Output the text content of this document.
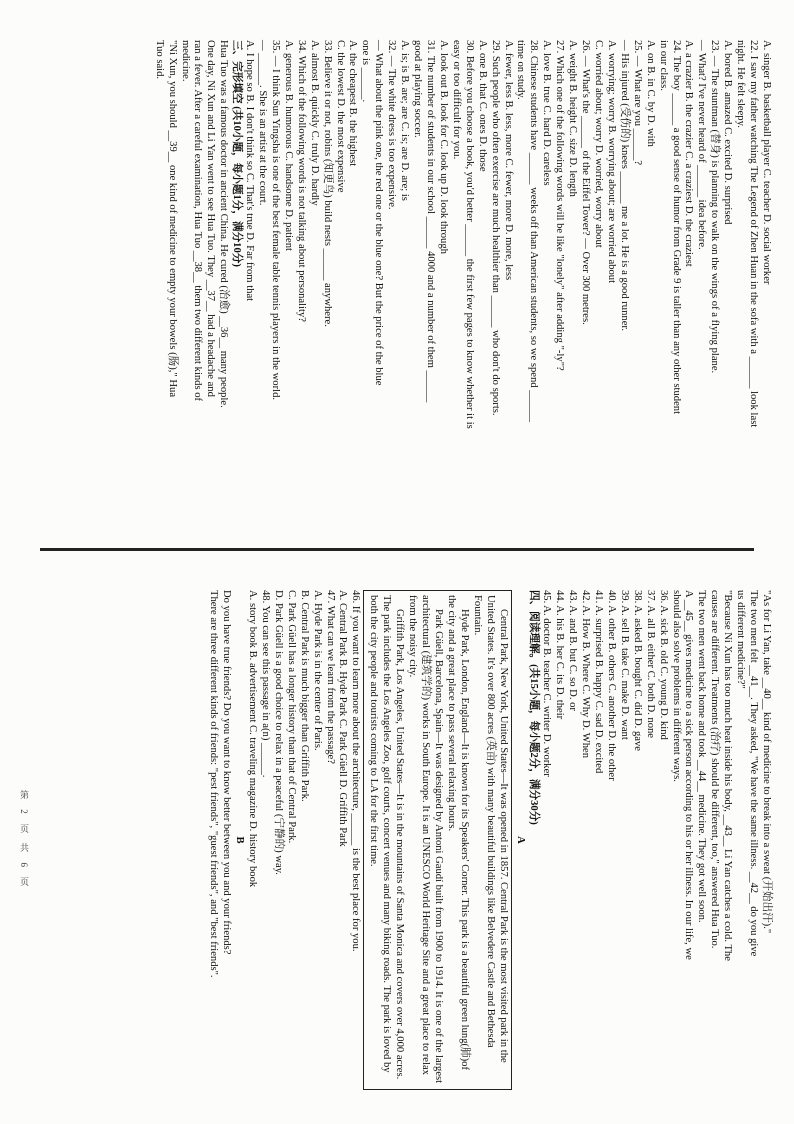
A. singer B. basketball player C. teacher D. social worker

22. I saw my father watching The Legend of Zhen Huan in the sofa with a ______ look last

night. He felt sleepy.

A. bored B. amazed C. excited D. surprised

23. — The stuntman (替身) is planning to walk on the wings of a flying plane.

— What? I've never heard of ______ idea before.

A. a crazier B. the crazier C. a craziest D. the craziest

24. The boy ______ a good sense of humor from Grade 9 is taller than any other student

in our class.

A. on B. in C. by D. with

25. — What are you ______?

— His injured (受伤的) knees ______ me a lot. He is a good runner.

A. worrying; worry B. worrying about; are worried about

C. worried about; worry D. worried, worry about

26. — What's the ______ of the Eiffel Tower? — Over 300 metres.

A. weight B. height C. size D. length

27. Which one of the following words will be like "lonely" after adding "-ly"?

A. love B. true C. hard D. careless

28. Chinese students have ______ weeks off than American students, so we spend ______

time on study.

A. fewer, less B. less, more C. fewer, more D. more, less

29. Such people who often exercise are much healthier than ______ who don't do sports.

A. one B. that C. ones D. those

30. Before you choose a book, you'd better ______ the first few pages to know whether it is

easy or too difficult for you.

A. look out B. look for C. look up D. look through

31. The number of students in our school ______ 4000 and a number of them ______

good at playing soccer.

A. is; is B. are; are C. is; are D. are; is

32. — The white dress is too expensive.

— What about the pink one, the red one or the blue one? But the price of the blue

one is ______.

A. the cheapest B. the highest

C. the lowest D. the most expensive

33. Believe it or not, robins (知更鸟) build nests ______ anywhere.

A. almost B. quickly C. truly D. hardly

34. Which of the following words is not talking about personality?

A. generous B. humorous C. handsome D. patient

35. — I think Sun Yingsha is one of the best female table tennis players in the world.

— ______. She is an artist at the court.

A. I hope so B. I don't think so C. That's true D. Far from that

三、完形填空 (共10小题，每小题1分，满分10分)

Hua Tuo was a famous doctor in ancient China. He cured (治愈) __36__ many people.

One day, Ni Xun and Li Yan went to see Hua Tuo. They __37__ had a headache and

ran a fever. After a careful examination, Hua Tuo __38__ them two different kinds of

medicine.

"Ni Xun, you should __39__ one kind of medicine to empty your bowels (肠)," Hua

Tuo said.

"As for Li Yan, take __40__ kind of medicine to break into a sweat (开始出汗)."

The two men felt __41__. They asked, "We have the same illness. __42__ do you give

us different medicine?"

"Because Ni Xun has too much heat inside his body, __43__ Li Yan catches a cold. The

causes are different. Treatments (治疗) should be different, too," answered Hua Tuo.

The two men went back home and took __44__ medicine. They got well soon.

A __45__ gives medicine to a sick person according to his or her illness. In our life, we

should also solve problems in different ways.

36. A. sick B. old C. young D. kind

37. A. all B. either C. both D. none

38. A. asked B. bought C. did D. gave

39. A. sell B. take C. make D. want

40. A. other B. others C. another D. the other

41. A. surprised B. happy C. sad D. excited

42. A. How B. Where C. Why D. When

43. A. and B. but C. so D. or

44. A. his B. her C. its D. their

45. A. doctor B. teacher C. writer D. worker

四、阅读理解。(共15小题，每小题2分，满分30分)

A

Central Park, New York, United States—It was opened in 1857. Central Park is the most visited park in the United States. It's over 800 acres (英亩) with many beautiful buildings like Belvedere Castle and Bethesda Fountain.

Hyde Park, London, England—It is known for its Speakers' Corner. This park is a beautiful green lung(肺)of the city and a great place to pass several relaxing hours.

Park Güell, Barcelona, Spain—It was designed by Antoni Gaudí built from 1900 to 1914. It is one of the largest architectural (建筑学的) works in South Europe. It is an UNESCO World Heritage Site and a great place to relax from the noisy city.

Griffith Park, Los Angeles, United States—It is in the mountains of Santa Monica and covers over 4,000 acres. The park includes the Los Angeles Zoo, golf courts, concert venues and many biking roads. The park is loved by both the city people and tourists coming to LA for the first time.

46. If you want to learn more about the architecture, ______ is the best place for you.

A. Central Park B. Hyde Park C. Park Güell D. Griffith Park

47. What can we learn from the passage?

A. Hyde Park is in the center of Paris.

B. Central Park is much bigger than Griffith Park.

C. Park Güell has a longer history than that of Central Park.

D. Park Güell is a good choice to relax in a peaceful (宁静的) way.

48. You can see this passage in a(n) ______.

A. story book B. advertisement C. traveling magazine D. history book

B

Do you have true friends? Do you want to know better between you and your friends?

There are three different kinds of friends: "pest friends", "guest friends", and "best friends".

第 2 页 共 6 页
